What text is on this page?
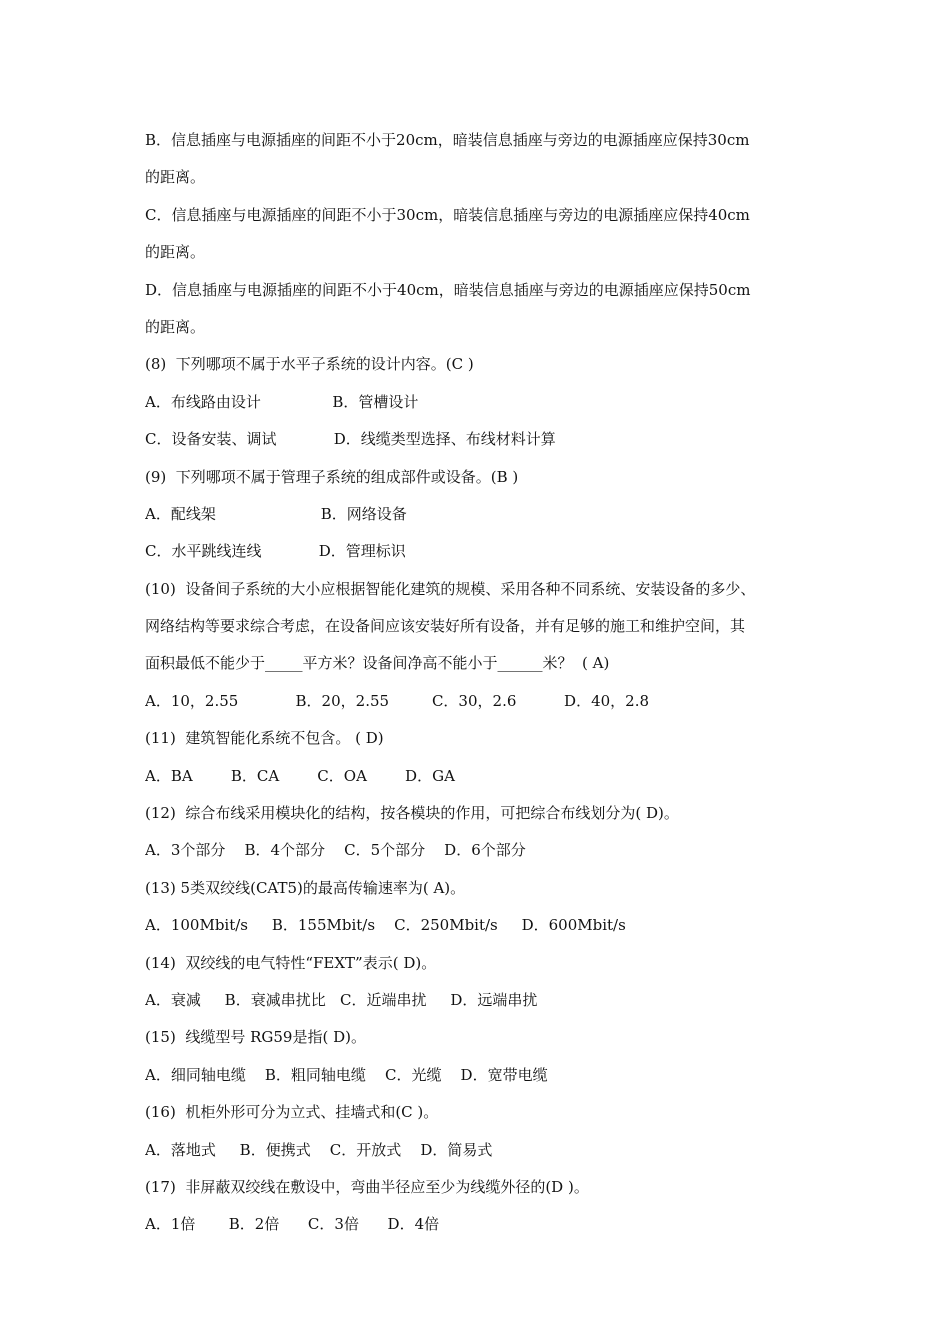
B．信息插座与电源插座的间距不小于20cm，暗装信息插座与旁边的电源插座应保持30cm
的距离。
C．信息插座与电源插座的间距不小于30cm，暗装信息插座与旁边的电源插座应保持40cm
的距离。
D．信息插座与电源插座的间距不小于40cm，暗装信息插座与旁边的电源插座应保持50cm
的距离。
(8)  下列哪项不属于水平子系统的设计内容。(C )
A．布线路由设计               B．管槽设计
C．设备安装、调试            D．线缆类型选择、布线材料计算
(9)  下列哪项不属于管理子系统的组成部件或设备。(B )
A．配线架                      B．网络设备
C．水平跳线连线            D．管理标识
(10)  设备间子系统的大小应根据智能化建筑的规模、采用各种不同系统、安装设备的多少、
网络结构等要求综合考虑，在设备间应该安装好所有设备，并有足够的施工和维护空间，其
面积最低不能少于_____平方米？设备间净高不能小于______米？  ( A)
A．10，2.55            B．20，2.55         C．30，2.6          D．40，2.8
(11)  建筑智能化系统不包含。 ( D)
A．BA        B．CA        C．OA        D．GA
(12)  综合布线采用模块化的结构，按各模块的作用，可把综合布线划分为( D)。
A．3个部分    B．4个部分    C．5个部分    D．6个部分
(13) 5类双绞线(CAT5)的最高传输速率为( A)。
A．100Mbit/s     B．155Mbit/s    C．250Mbit/s     D．600Mbit/s
(14)  双绞线的电气特性“FEXT”表示( D)。
A．衰减     B．衰减串扰比   C．近端串扰     D．远端串扰
(15)  线缆型号 RG59是指( D)。
A．细同轴电缆    B．粗同轴电缆    C．光缆    D．宽带电缆
(16)  机柜外形可分为立式、挂墙式和(C )。
A．落地式     B．便携式    C．开放式    D．简易式
(17)  非屏蔽双绞线在敷设中，弯曲半径应至少为线缆外径的(D )。
A．1倍       B．2倍      C．3倍      D．4倍
